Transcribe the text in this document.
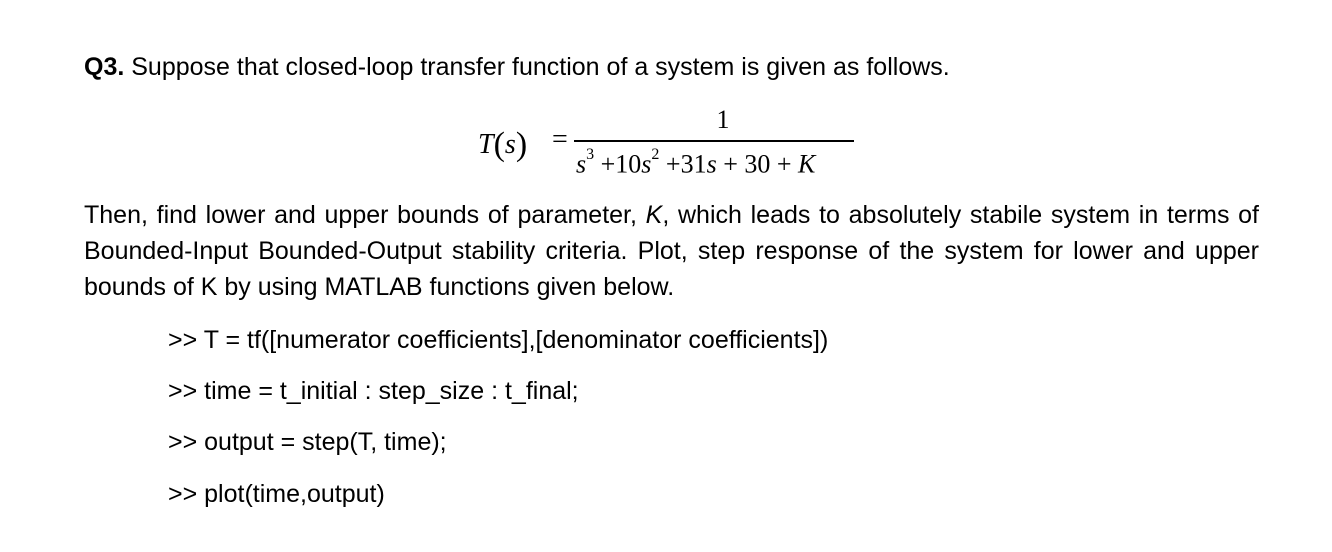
Q3. Suppose that closed-loop transfer function of a system is given as follows.
T(s) =
1
$s^3 +10s^2 +31s + 30 + K$
Then, find lower and upper bounds of parameter, K, which leads to absolutely stabile system in terms of Bounded-Input Bounded-Output stability criteria. Plot, step response of the system for lower and upper bounds of K by using MATLAB functions given below.
>> T = tf([numerator coefficients],[denominator coefficients])
>> time = t_initial : step_size : t_final;
>> output = step(T, time);
>> plot(time,output)
